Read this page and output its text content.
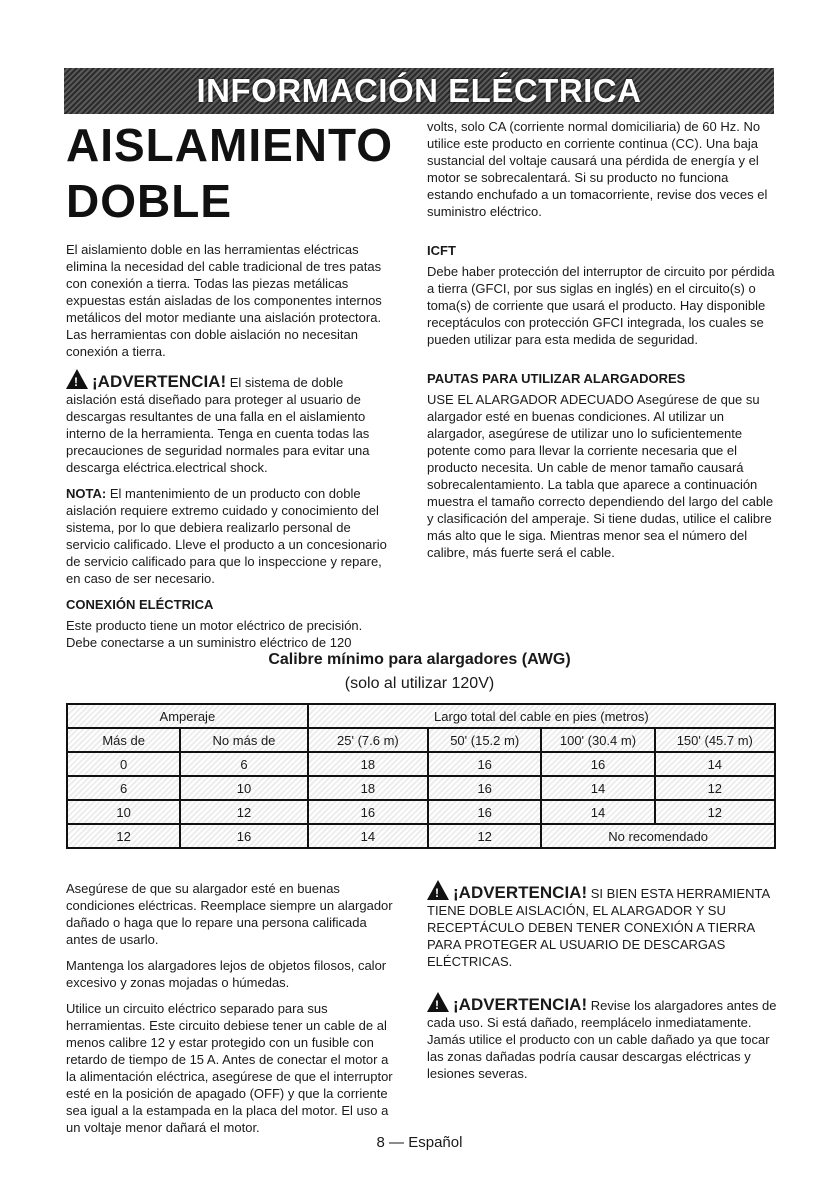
INFORMACIÓN ELÉCTRICA
AISLAMIENTO
DOBLE

El aislamiento doble en las herramientas eléctricas elimina la necesidad del cable tradicional de tres patas con conexión a tierra. Todas las piezas metálicas expuestas están aisladas de los componentes internos metálicos del motor mediante una aislación protectora. Las herramientas con doble aislación no necesitan conexión a tierra.

!¡ADVERTENCIA! El sistema de doble aislación está diseñado para proteger al usuario de descargas resultantes de una falla en el aislamiento interno de la herramienta. Tenga en cuenta todas las precauciones de seguridad normales para evitar una descarga eléctrica.electrical shock.

NOTA: El mantenimiento de un producto con doble aislación requiere extremo cuidado y conocimiento del sistema, por lo que debiera realizarlo personal de servicio calificado. Lleve el producto a un concesionario de servicio calificado para que lo inspeccione y repare, en caso de ser necesario.

CONEXIÓN ELÉCTRICA

Este producto tiene un motor eléctrico de precisión. Debe conectarse a un suministro eléctrico de 120

volts, solo CA (corriente normal domiciliaria) de 60 Hz. No utilice este producto en corriente continua (CC). Una baja sustancial del voltaje causará una pérdida de energía y el motor se sobrecalentará. Si su producto no funciona estando enchufado a un tomacorriente, revise dos veces el suministro eléctrico.

ICFT

Debe haber protección del interruptor de circuito por pérdida a tierra (GFCI, por sus siglas en inglés) en el circuito(s) o toma(s) de corriente que usará el producto. Hay disponible receptáculos con protección GFCI integrada, los cuales se pueden utilizar para esta medida de seguridad.

PAUTAS PARA UTILIZAR ALARGADORES

USE EL ALARGADOR ADECUADO Asegúrese de que su alargador esté en buenas condiciones. Al utilizar un alargador, asegúrese de utilizar uno lo suficientemente potente como para llevar la corriente necesaria que el producto necesita. Un cable de menor tamaño causará sobrecalentamiento. La tabla que aparece a continuación muestra el tamaño correcto dependiendo del largo del cable y clasificación del amperaje. Si tiene dudas, utilice el calibre más alto que le siga. Mientras menor sea el número del calibre, más fuerte será el cable.

Calibre mínimo para alargadores (AWG)
(solo al utilizar 120V)
Amperaje		Largo total del cable en pies (metros)			
Más de	No más de	25' (7.6 m)	50' (15.2 m)	100' (30.4 m)	150' (45.7 m)
0	6	18	16	16	14
6	10	18	16	14	12
10	12	16	16	14	12
12	16	14	12	No recomendado	

Asegúrese de que su alargador esté en buenas condiciones eléctricas. Reemplace siempre un alargador dañado o haga que lo repare una persona calificada antes de usarlo.

Mantenga los alargadores lejos de objetos filosos, calor excesivo y zonas mojadas o húmedas.

Utilice un circuito eléctrico separado para sus herramientas. Este circuito debiese tener un cable de al menos calibre 12 y estar protegido con un fusible con retardo de tiempo de 15 A. Antes de conectar el motor a la alimentación eléctrica, asegúrese de que el interruptor esté en la posición de apagado (OFF) y que la corriente sea igual a la estampada en la placa del motor. El uso a un voltaje menor dañará el motor.

!¡ADVERTENCIA! SI BIEN ESTA HERRAMIENTA TIENE DOBLE AISLACIÓN, EL ALARGADOR Y SU RECEPTÁCULO DEBEN TENER CONEXIÓN A TIERRA PARA PROTEGER AL USUARIO DE DESCARGAS ELÉCTRICAS.

!¡ADVERTENCIA! Revise los alargadores antes de cada uso. Si está dañado, reemplácelo inmediatamente. Jamás utilice el producto con un cable dañado ya que tocar las zonas dañadas podría causar descargas eléctricas y lesiones severas.

8 — Español
